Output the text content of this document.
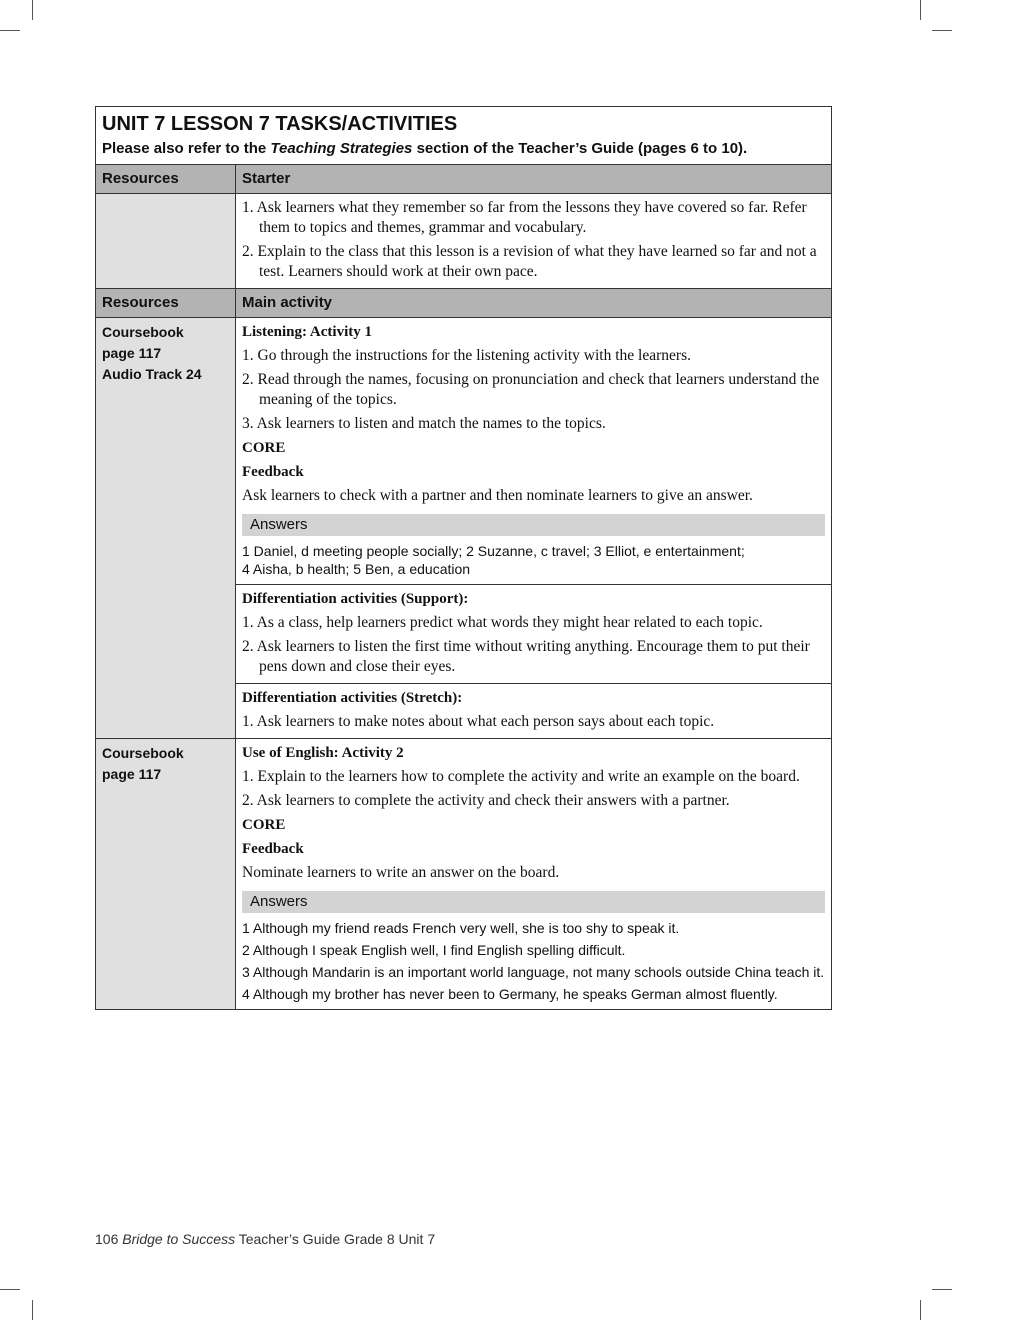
UNIT 7 LESSON 7 TASKS/ACTIVITIES

Please also refer to the Teaching Strategies section of the Teacher’s Guide (pages 6 to 10).

Resources	Starter

1. Ask learners what they remember so far from the lessons they have covered so far. Refer them to topics and themes, grammar and vocabulary.

2. Explain to the class that this lesson is a revision of what they have learned so far and not a test. Learners should work at their own pace.

Resources	Main activity

Coursebook

page 117

Audio Track 24

Listening: Activity 1

1. Go through the instructions for the listening activity with the learners.

2. Read through the names, focusing on pronunciation and check that learners understand the meaning of the topics.

3. Ask learners to listen and match the names to the topics.

CORE

Feedback

Ask learners to check with a partner and then nominate learners to give an answer.

Answers

1 Daniel, d meeting people socially; 2 Suzanne, c travel; 3 Elliot, e entertainment;

4 Aisha, b health; 5 Ben, a education

Differentiation activities (Support):

1. As a class, help learners predict what words they might hear related to each topic.

2. Ask learners to listen the first time without writing anything. Encourage them to put their pens down and close their eyes.

Differentiation activities (Stretch):

1. Ask learners to make notes about what each person says about each topic.

Coursebook

page 117

Use of English: Activity 2

1. Explain to the learners how to complete the activity and write an example on the board.

2. Ask learners to complete the activity and check their answers with a partner.

CORE

Feedback

Nominate learners to write an answer on the board.

Answers

1 Although my friend reads French very well, she is too shy to speak it.

2 Although I speak English well, I find English spelling difficult.

3 Although Mandarin is an important world language, not many schools outside China teach it.

4 Although my brother has never been to Germany, he speaks German almost fluently.

106 Bridge to Success Teacher’s Guide Grade 8 Unit 7
